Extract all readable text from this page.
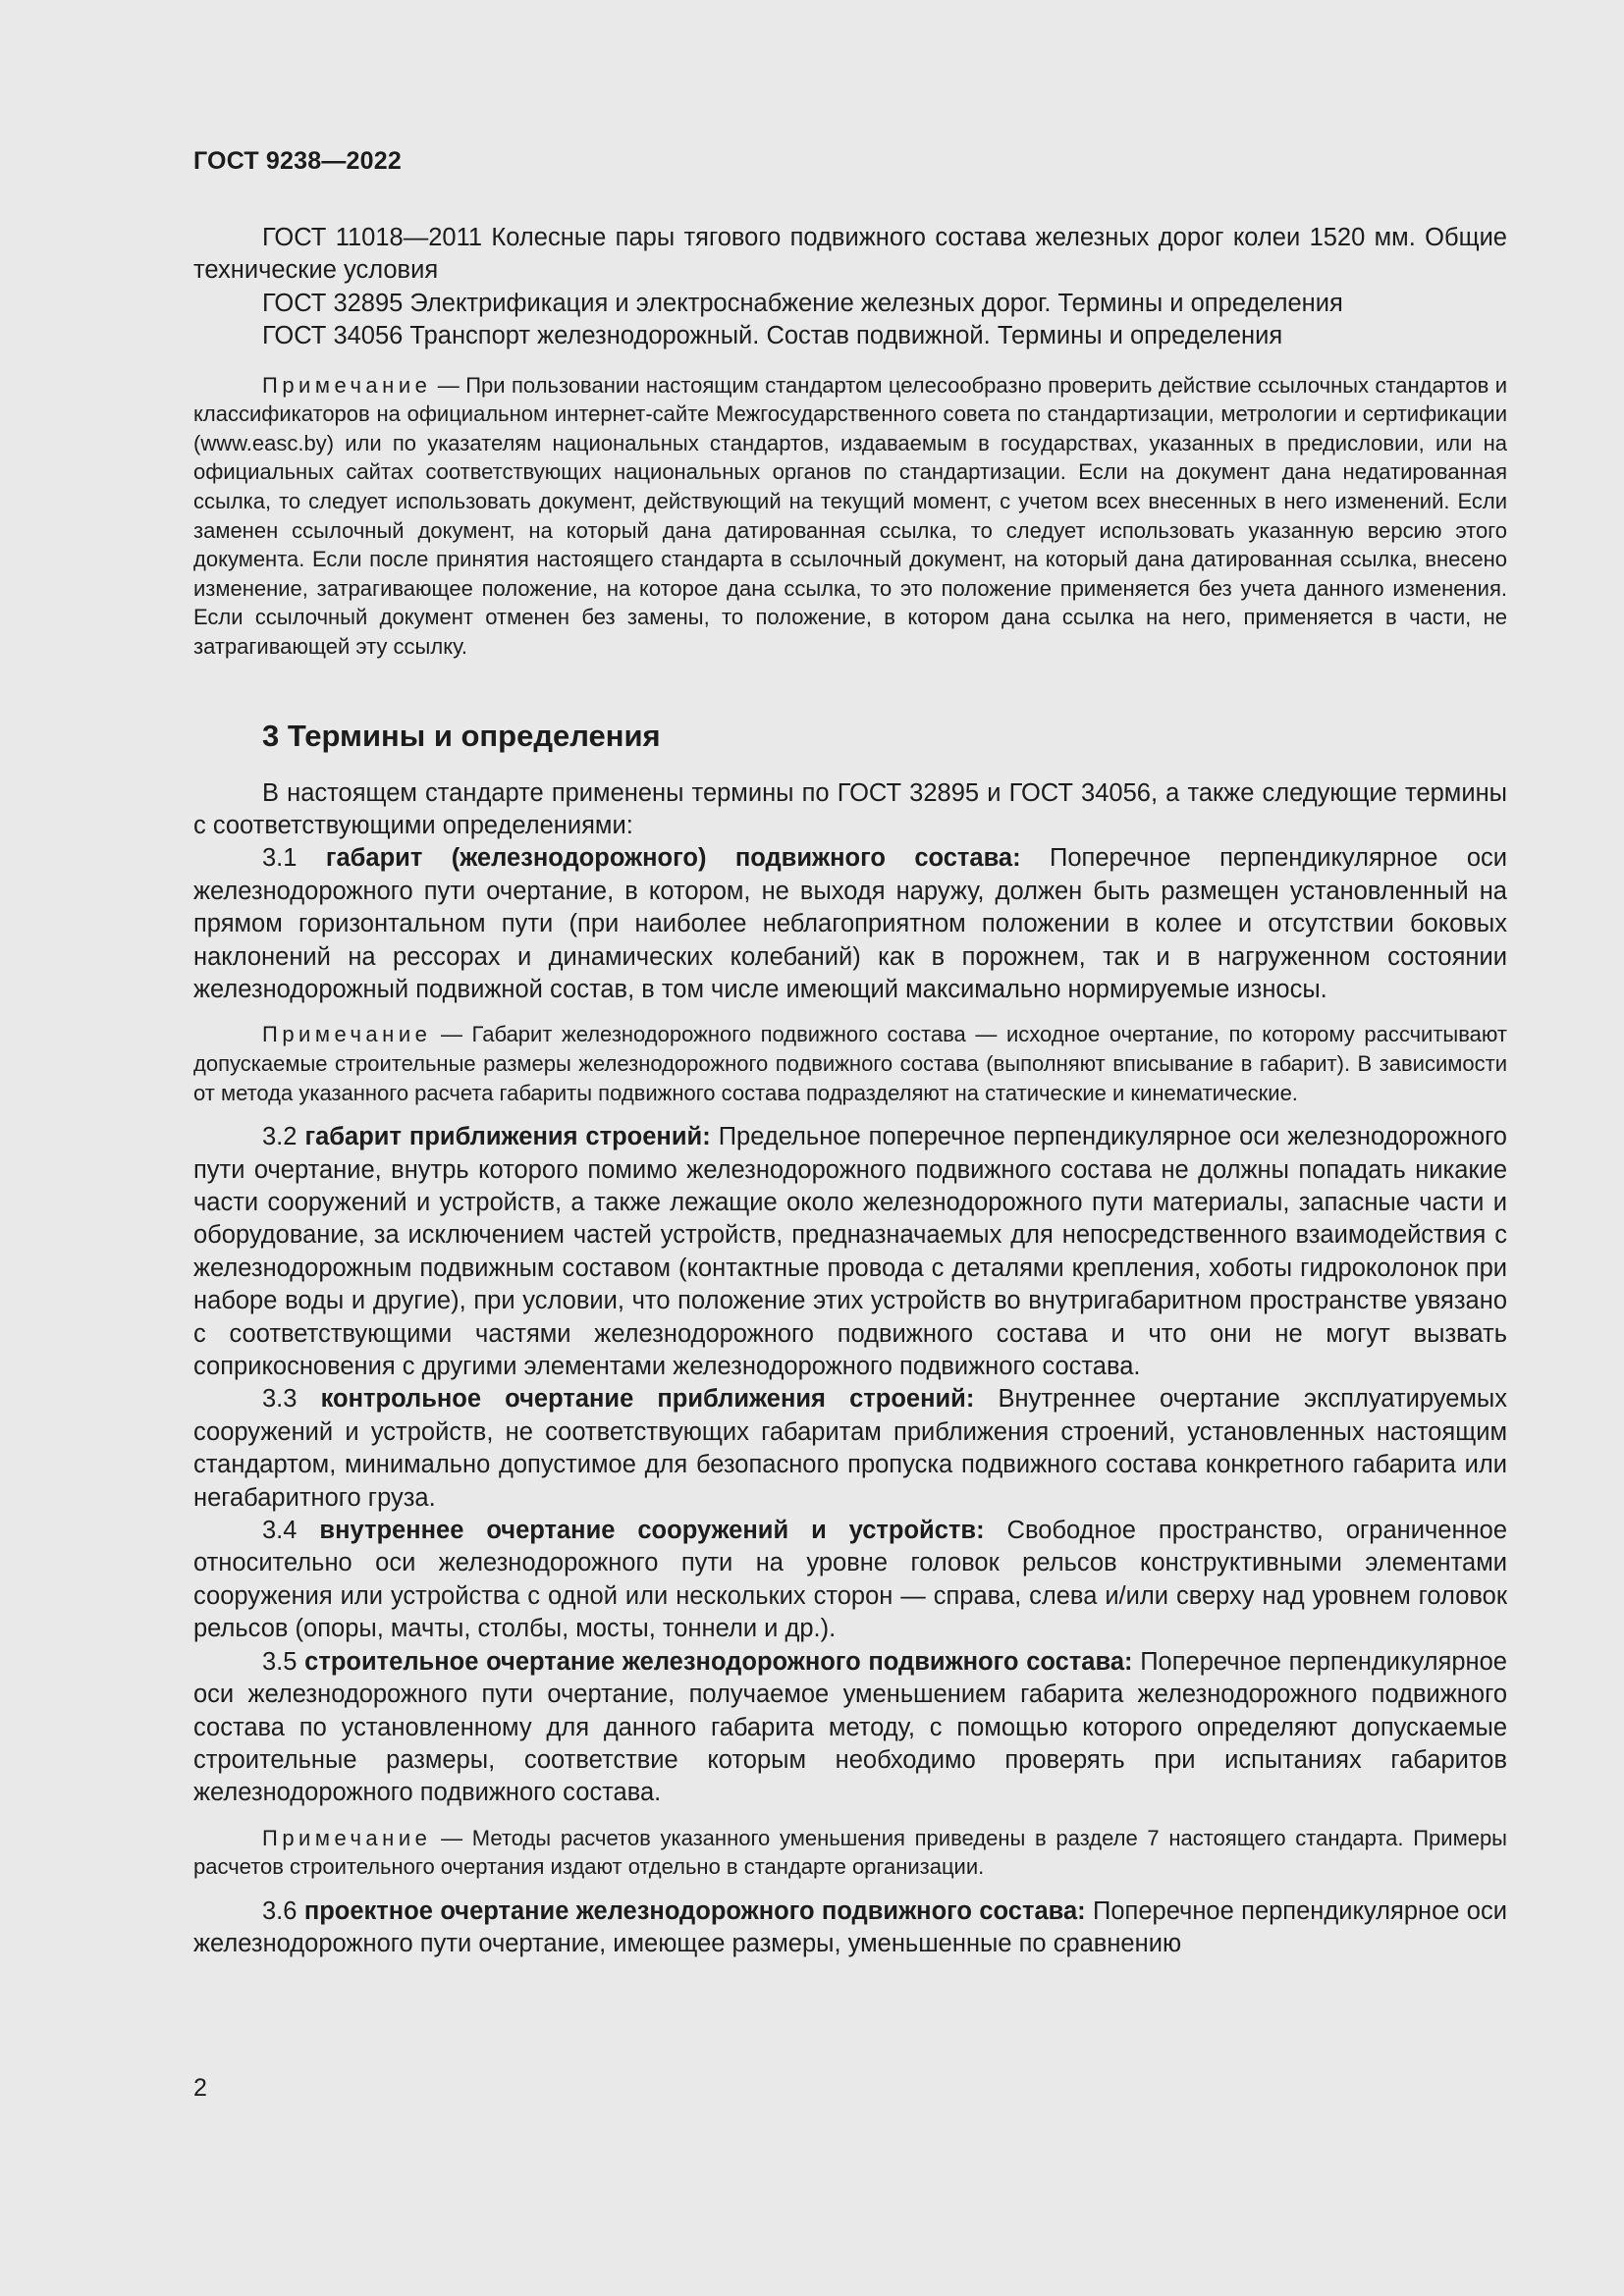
ГОСТ 9238—2022

ГОСТ 11018—2011 Колесные пары тягового подвижного состава железных дорог колеи 1520 мм. Общие технические условия

ГОСТ 32895 Электрификация и электроснабжение железных дорог. Термины и определения

ГОСТ 34056 Транспорт железнодорожный. Состав подвижной. Термины и определения

Примечание — При пользовании настоящим стандартом целесообразно проверить действие ссылочных стандартов и классификаторов на официальном интернет-сайте Межгосударственного совета по стандартизации, метрологии и сертификации (www.easc.by) или по указателям национальных стандартов, издаваемым в государствах, указанных в предисловии, или на официальных сайтах соответствующих национальных органов по стандартизации. Если на документ дана недатированная ссылка, то следует использовать документ, действующий на текущий момент, с учетом всех внесенных в него изменений. Если заменен ссылочный документ, на который дана датированная ссылка, то следует использовать указанную версию этого документа. Если после принятия настоящего стандарта в ссылочный документ, на который дана датированная ссылка, внесено изменение, затрагивающее положение, на которое дана ссылка, то это положение применяется без учета данного изменения. Если ссылочный документ отменен без замены, то положение, в котором дана ссылка на него, применяется в части, не затрагивающей эту ссылку.

3 Термины и определения

В настоящем стандарте применены термины по ГОСТ 32895 и ГОСТ 34056, а также следующие термины с соответствующими определениями:

3.1 габарит (железнодорожного) подвижного состава: Поперечное перпендикулярное оси железнодорожного пути очертание, в котором, не выходя наружу, должен быть размещен установленный на прямом горизонтальном пути (при наиболее неблагоприятном положении в колее и отсутствии боковых наклонений на рессорах и динамических колебаний) как в порожнем, так и в нагруженном состоянии железнодорожный подвижной состав, в том числе имеющий максимально нормируемые износы.

Примечание — Габарит железнодорожного подвижного состава — исходное очертание, по которому рассчитывают допускаемые строительные размеры железнодорожного подвижного состава (выполняют вписывание в габарит). В зависимости от метода указанного расчета габариты подвижного состава подразделяют на статические и кинематические.

3.2 габарит приближения строений: Предельное поперечное перпендикулярное оси железнодорожного пути очертание, внутрь которого помимо железнодорожного подвижного состава не должны попадать никакие части сооружений и устройств, а также лежащие около железнодорожного пути материалы, запасные части и оборудование, за исключением частей устройств, предназначаемых для непосредственного взаимодействия с железнодорожным подвижным составом (контактные провода с деталями крепления, хоботы гидроколонок при наборе воды и другие), при условии, что положение этих устройств во внутригабаритном пространстве увязано с соответствующими частями железнодорожного подвижного состава и что они не могут вызвать соприкосновения с другими элементами железнодорожного подвижного состава.

3.3 контрольное очертание приближения строений: Внутреннее очертание эксплуатируемых сооружений и устройств, не соответствующих габаритам приближения строений, установленных настоящим стандартом, минимально допустимое для безопасного пропуска подвижного состава конкретного габарита или негабаритного груза.

3.4 внутреннее очертание сооружений и устройств: Свободное пространство, ограниченное относительно оси железнодорожного пути на уровне головок рельсов конструктивными элементами сооружения или устройства с одной или нескольких сторон — справа, слева и/или сверху над уровнем головок рельсов (опоры, мачты, столбы, мосты, тоннели и др.).

3.5 строительное очертание железнодорожного подвижного состава: Поперечное перпендикулярное оси железнодорожного пути очертание, получаемое уменьшением габарита железнодорожного подвижного состава по установленному для данного габарита методу, с помощью которого определяют допускаемые строительные размеры, соответствие которым необходимо проверять при испытаниях габаритов железнодорожного подвижного состава.

Примечание — Методы расчетов указанного уменьшения приведены в разделе 7 настоящего стандарта. Примеры расчетов строительного очертания издают отдельно в стандарте организации.

3.6 проектное очертание железнодорожного подвижного состава: Поперечное перпендикулярное оси железнодорожного пути очертание, имеющее размеры, уменьшенные по сравнению

2
